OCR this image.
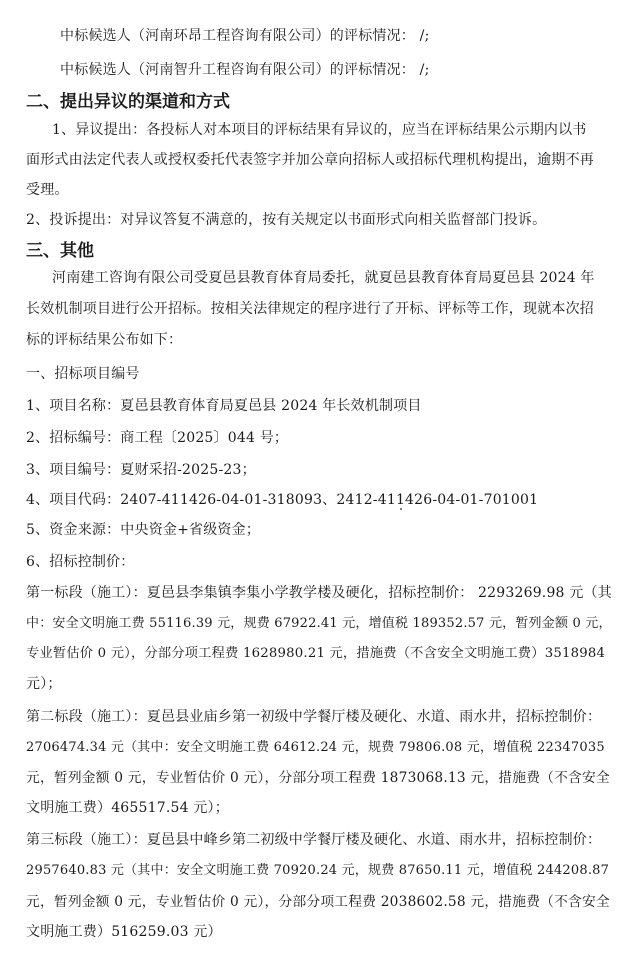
中标候选人（河南环昂工程咨询有限公司）的评标情况： /;
中标候选人（河南智升工程咨询有限公司）的评标情况： /;
二、提出异议的渠道和方式
1、异议提出：各投标人对本项目的评标结果有异议的，应当在评标结果公示期内以书
面形式由法定代表人或授权委托代表签字并加公章向招标人或招标代理机构提出，逾期不再
受理。
2、投诉提出：对异议答复不满意的，按有关规定以书面形式向相关监督部门投诉。
三、其他
河南建工咨询有限公司受夏邑县教育体育局委托，就夏邑县教育体育局夏邑县 2024 年
长效机制项目进行公开招标。按相关法律规定的程序进行了开标、评标等工作，现就本次招
标的评标结果公布如下：
一、招标项目编号
1、项目名称：夏邑县教育体育局夏邑县 2024 年长效机制项目
2、招标编号：商工程〔2025〕044 号；
3、项目编号：夏财采招-2025-23；
4、项目代码：2407-411426-04-01-318093、2412-411426-04-01-701001
5、资金来源：中央资金+省级资金；
6、招标控制价：
第一标段（施工）：夏邑县李集镇李集小学教学楼及硬化，招标控制价： 2293269.98 元（其
中：安全文明施工费 55116.39 元，规费 67922.41 元，增值税 189352.57 元，暂列金额 0 元，
专业暂估价 0 元），分部分项工程费 1628980.21 元，措施费（不含安全文明施工费）3518984
元）；
第二标段（施工）：夏邑县业庙乡第一初级中学餐厅楼及硬化、水道、雨水井，招标控制价：
2706474.34 元（其中：安全文明施工费 64612.24 元，规费 79806.08 元，增值税 22347035
元，暂列金额 0 元，专业暂估价 0 元），分部分项工程费 1873068.13 元，措施费（不含安全
文明施工费）465517.54 元）；
第三标段（施工）：夏邑县中峰乡第二初级中学餐厅楼及硬化、水道、雨水井，招标控制价：
2957640.83 元（其中：安全文明施工费 70920.24 元，规费 87650.11 元，增值税 244208.87
元，暂列金额 0 元，专业暂估价 0 元），分部分项工程费 2038602.58 元，措施费（不含安全
文明施工费）516259.03 元）
